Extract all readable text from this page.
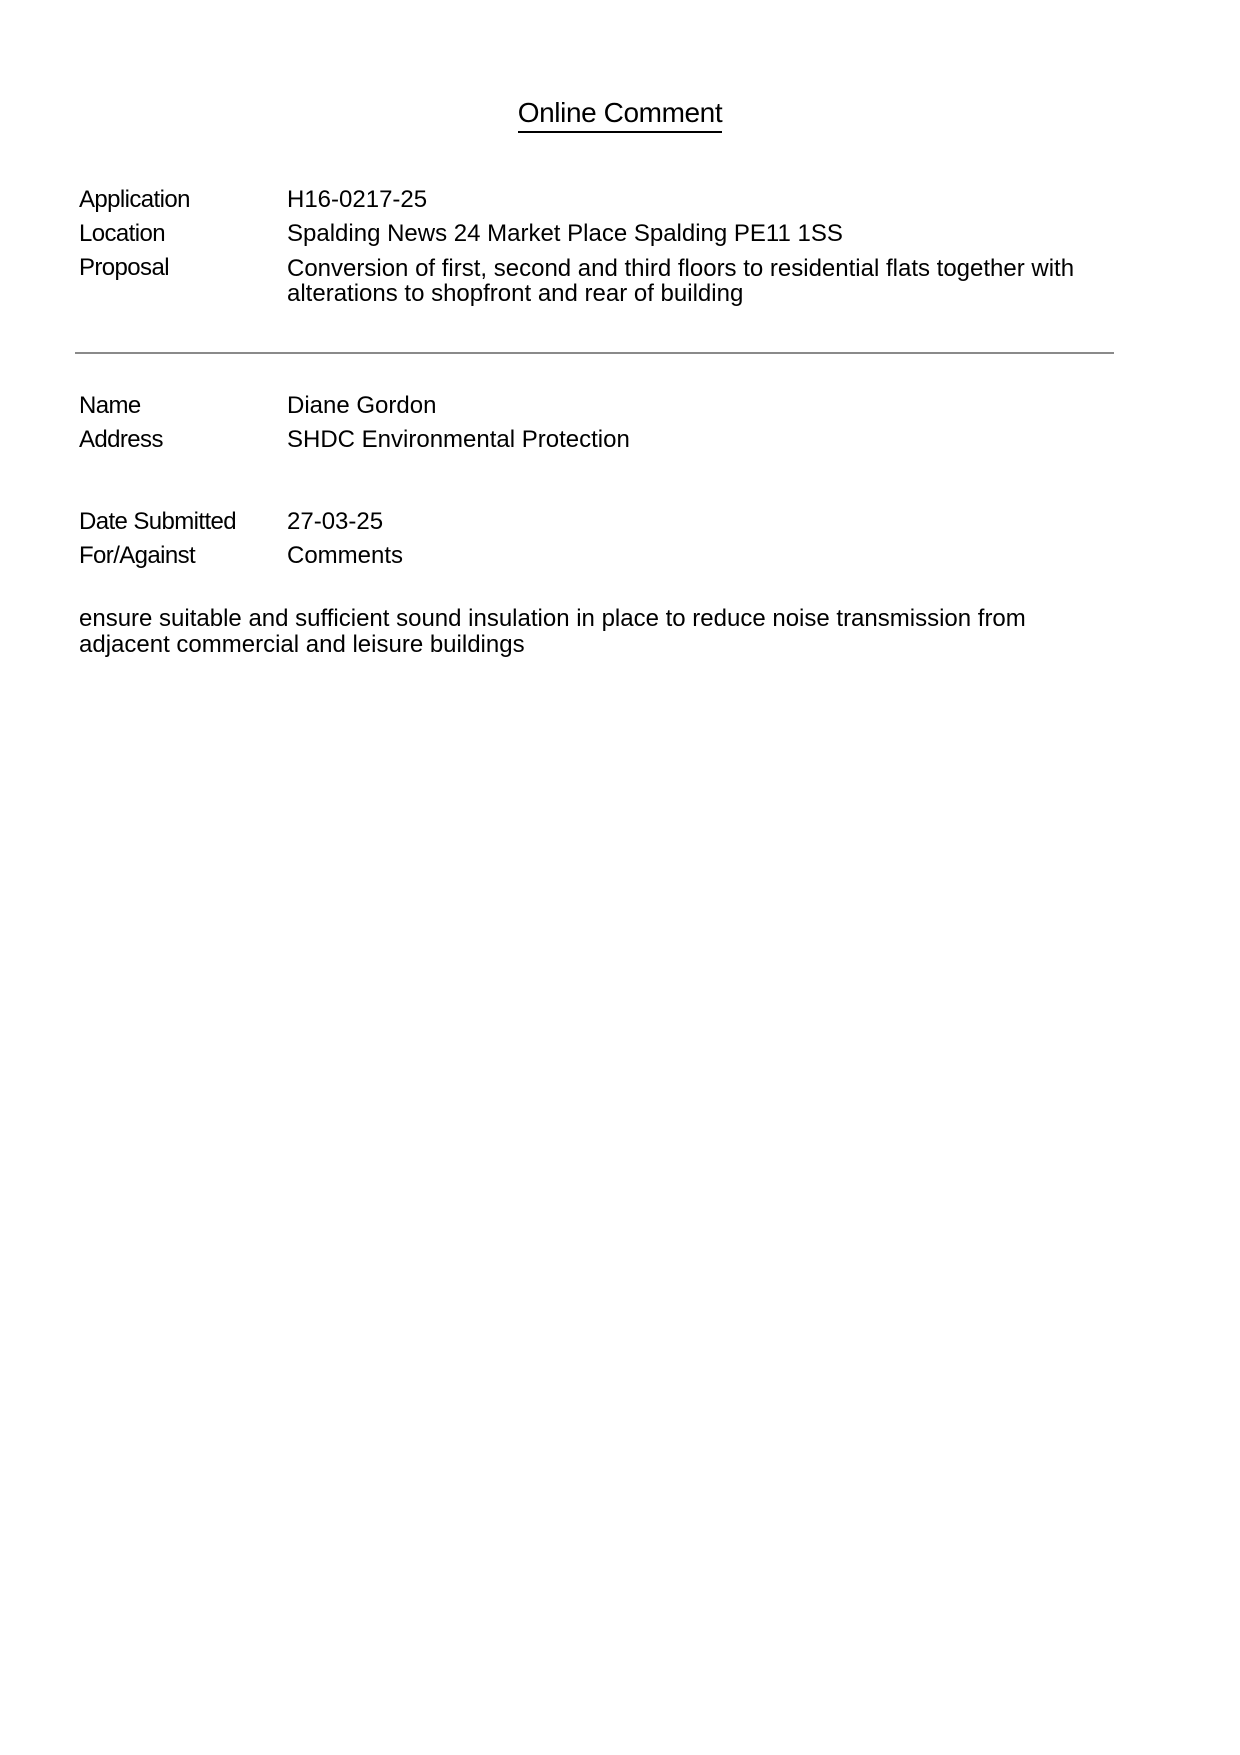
Online Comment
Application	H16-0217-25
Location	Spalding News 24 Market Place Spalding PE11 1SS
Proposal	Conversion of first, second and third floors to residential flats together with alterations to shopfront and rear of building
Name	Diane Gordon
Address	SHDC Environmental Protection
Date Submitted	27-03-25
For/Against	Comments
ensure suitable and sufficient sound insulation in place to reduce noise transmission from adjacent commercial and leisure buildings
